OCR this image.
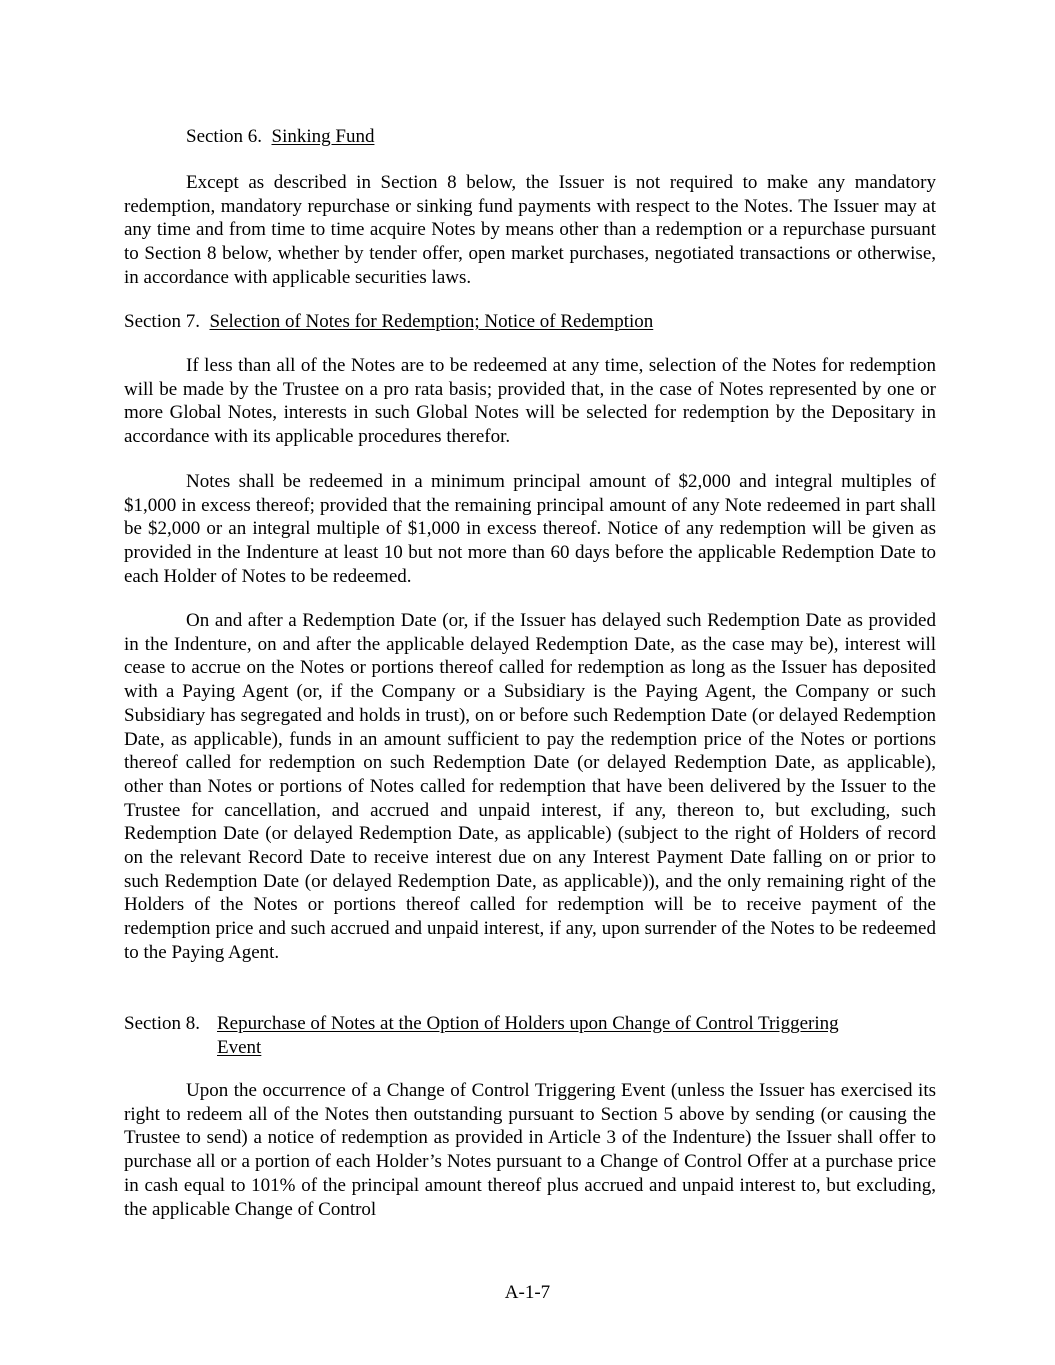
Section 6. Sinking Fund
Except as described in Section 8 below, the Issuer is not required to make any mandatory redemption, mandatory repurchase or sinking fund payments with respect to the Notes. The Issuer may at any time and from time to time acquire Notes by means other than a redemption or a repurchase pursuant to Section 8 below, whether by tender offer, open market purchases, negotiated transactions or otherwise, in accordance with applicable securities laws.
Section 7. Selection of Notes for Redemption; Notice of Redemption
If less than all of the Notes are to be redeemed at any time, selection of the Notes for redemption will be made by the Trustee on a pro rata basis; provided that, in the case of Notes represented by one or more Global Notes, interests in such Global Notes will be selected for redemption by the Depositary in accordance with its applicable procedures therefor.
Notes shall be redeemed in a minimum principal amount of $2,000 and integral multiples of $1,000 in excess thereof; provided that the remaining principal amount of any Note redeemed in part shall be $2,000 or an integral multiple of $1,000 in excess thereof. Notice of any redemption will be given as provided in the Indenture at least 10 but not more than 60 days before the applicable Redemption Date to each Holder of Notes to be redeemed.
On and after a Redemption Date (or, if the Issuer has delayed such Redemption Date as provided in the Indenture, on and after the applicable delayed Redemption Date, as the case may be), interest will cease to accrue on the Notes or portions thereof called for redemption as long as the Issuer has deposited with a Paying Agent (or, if the Company or a Subsidiary is the Paying Agent, the Company or such Subsidiary has segregated and holds in trust), on or before such Redemption Date (or delayed Redemption Date, as applicable), funds in an amount sufficient to pay the redemption price of the Notes or portions thereof called for redemption on such Redemption Date (or delayed Redemption Date, as applicable), other than Notes or portions of Notes called for redemption that have been delivered by the Issuer to the Trustee for cancellation, and accrued and unpaid interest, if any, thereon to, but excluding, such Redemption Date (or delayed Redemption Date, as applicable) (subject to the right of Holders of record on the relevant Record Date to receive interest due on any Interest Payment Date falling on or prior to such Redemption Date (or delayed Redemption Date, as applicable)), and the only remaining right of the Holders of the Notes or portions thereof called for redemption will be to receive payment of the redemption price and such accrued and unpaid interest, if any, upon surrender of the Notes to be redeemed to the Paying Agent.
Section 8. Repurchase of Notes at the Option of Holders upon Change of Control Triggering
Event
Upon the occurrence of a Change of Control Triggering Event (unless the Issuer has exercised its right to redeem all of the Notes then outstanding pursuant to Section 5 above by sending (or causing the Trustee to send) a notice of redemption as provided in Article 3 of the Indenture) the Issuer shall offer to purchase all or a portion of each Holder’s Notes pursuant to a Change of Control Offer at a purchase price in cash equal to 101% of the principal amount thereof plus accrued and unpaid interest to, but excluding, the applicable Change of Control
A-1-7
